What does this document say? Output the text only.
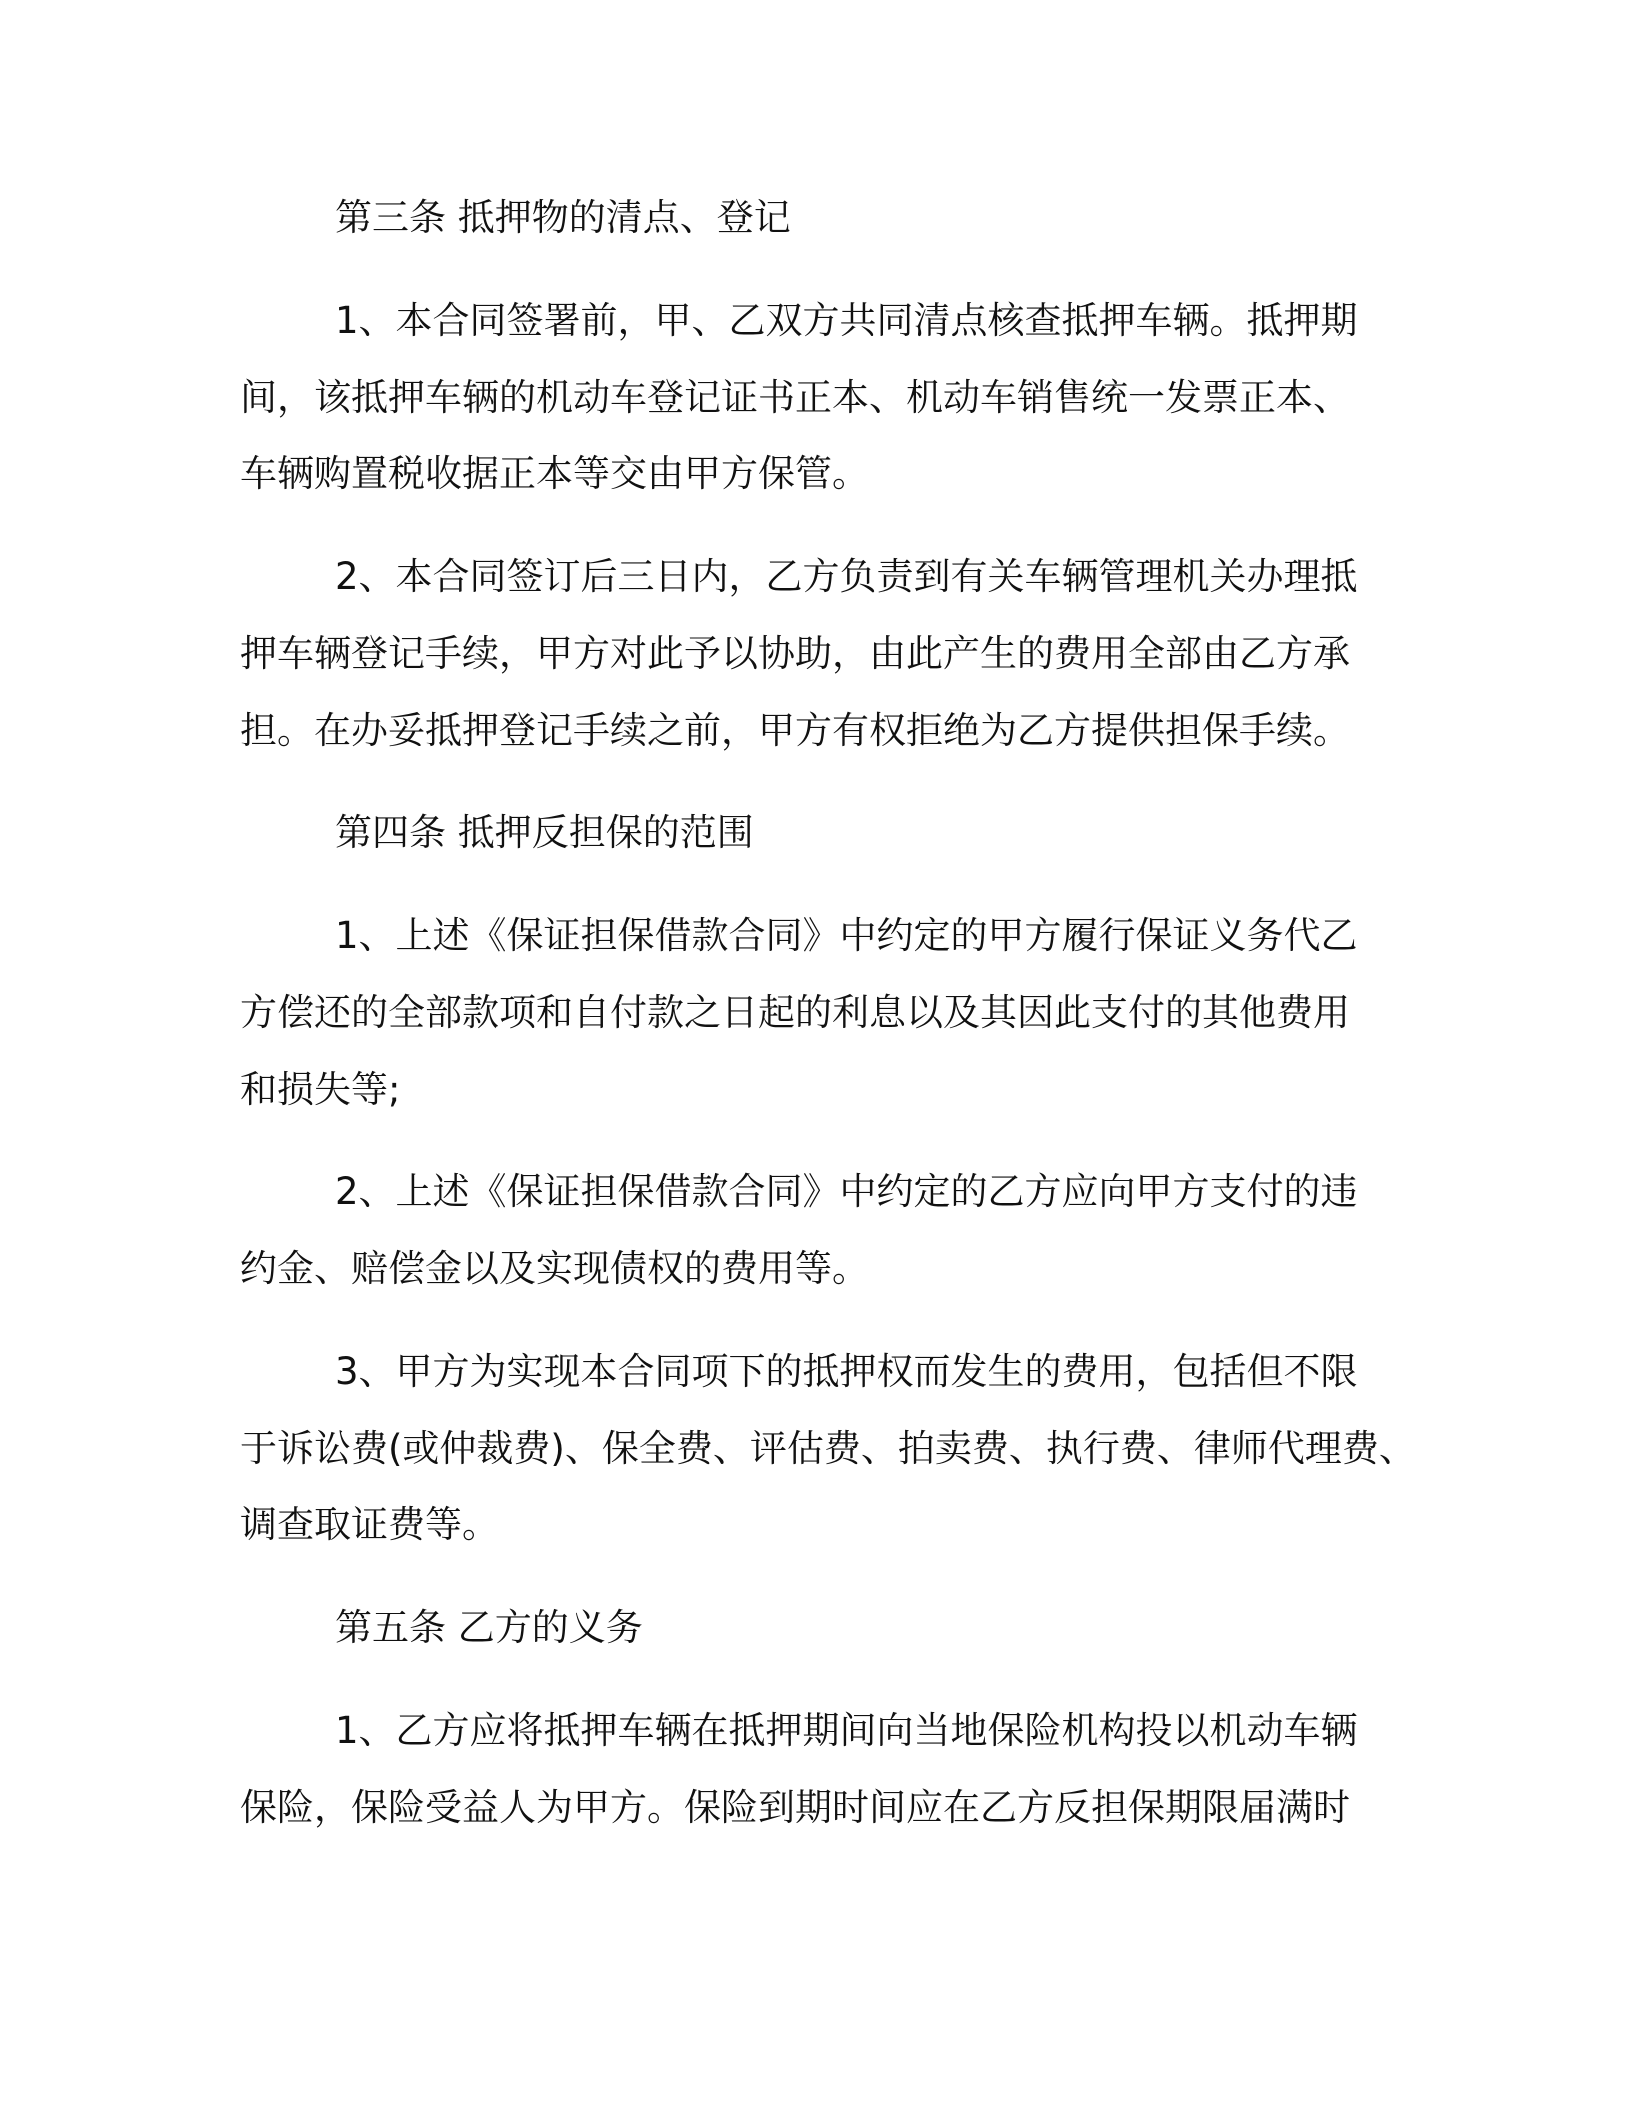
第三条 抵押物的清点、登记
1、本合同签署前，甲、乙双方共同清点核查抵押车辆。抵押期
间，该抵押车辆的机动车登记证书正本、机动车销售统一发票正本、
车辆购置税收据正本等交由甲方保管。
2、本合同签订后三日内，乙方负责到有关车辆管理机关办理抵
押车辆登记手续，甲方对此予以协助，由此产生的费用全部由乙方承
担。在办妥抵押登记手续之前，甲方有权拒绝为乙方提供担保手续。
第四条 抵押反担保的范围
1、上述《保证担保借款合同》中约定的甲方履行保证义务代乙
方偿还的全部款项和自付款之日起的利息以及其因此支付的其他费用
和损失等;
2、上述《保证担保借款合同》中约定的乙方应向甲方支付的违
约金、赔偿金以及实现债权的费用等。
3、甲方为实现本合同项下的抵押权而发生的费用，包括但不限
于诉讼费(或仲裁费)、保全费、评估费、拍卖费、执行费、律师代理费、
调查取证费等。
第五条 乙方的义务
1、乙方应将抵押车辆在抵押期间向当地保险机构投以机动车辆
保险，保险受益人为甲方。保险到期时间应在乙方反担保期限届满时
